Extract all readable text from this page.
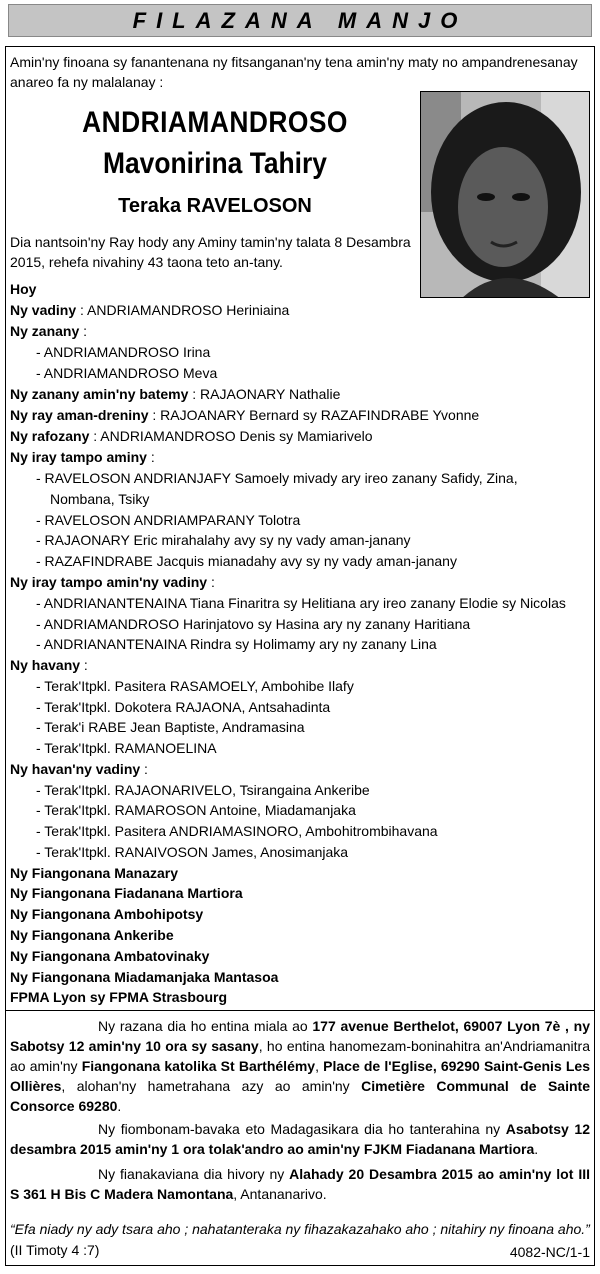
FILAZANA MANJO
Amin'ny finoana sy fanantenana ny fitsanganan'ny tena amin'ny maty no ampandrenesanay
anareo fa ny malalanay :
ANDRIAMANDROSO
Mavonirina Tahiry
Teraka RAVELOSON
Dia nantsoin'ny Ray hody any Aminy tamin'ny talata 8 Desambra
2015, rehefa nivahiny 43 taona teto an-tany.
Hoy
Ny vadiny : ANDRIAMANDROSO Heriniaina
Ny zanany :
- ANDRIAMANDROSO Irina
- ANDRIAMANDROSO Meva
Ny zanany amin'ny batemy : RAJAONARY Nathalie
Ny ray aman-dreniny : RAJOANARY Bernard sy RAZAFINDRABE Yvonne
Ny rafozany : ANDRIAMANDROSO Denis sy Mamiarivelo
Ny iray tampo aminy :
- RAVELOSON ANDRIANJAFY Samoely mivady ary ireo zanany Safidy, Zina,
Nombana, Tsiky
- RAVELOSON ANDRIAMPARANY Tolotra
- RAJAONARY Eric mirahalahy avy sy ny vady aman-janany
- RAZAFINDRABE Jacquis mianadahy avy sy ny vady aman-janany
Ny iray tampo amin'ny vadiny :
- ANDRIANANTENAINA Tiana Finaritra sy Helitiana ary ireo zanany Elodie sy Nicolas
- ANDRIAMANDROSO Harinjatovo sy Hasina ary ny zanany Haritiana
- ANDRIANANTENAINA Rindra sy Holimamy ary ny zanany Lina
Ny havany :
- Terak'Itpkl. Pasitera RASAMOELY, Ambohibe Ilafy
- Terak'Itpkl. Dokotera RAJAONA, Antsahadinta
- Terak'i RABE Jean Baptiste, Andramasina
- Terak'Itpkl. RAMANOELINA
Ny havan'ny vadiny :
- Terak'Itpkl. RAJAONARIVELO, Tsirangaina Ankeribe
- Terak'Itpkl. RAMAROSON Antoine, Miadamanjaka
- Terak'Itpkl. Pasitera ANDRIAMASINORO, Ambohitrombihavana
- Terak'Itpkl. RANAIVOSON James, Anosimanjaka
Ny Fiangonana Manazary
Ny Fiangonana Fiadanana Martiora
Ny Fiangonana Ambohipotsy
Ny Fiangonana Ankeribe
Ny Fiangonana Ambatovinaky
Ny Fiangonana Miadamanjaka Mantasoa
FPMA Lyon sy FPMA Strasbourg
Ny razana dia ho entina miala ao 177 avenue Berthelot, 69007 Lyon 7è , ny Sabotsy 12 amin'ny 10 ora sy sasany, ho entina hanomezam-boninahitra an'Andriamanitra ao amin'ny Fiangonana katolika St Barthélémy, Place de l'Eglise, 69290 Saint-Genis Les Ollières, alohan'ny hametrahana azy ao amin'ny Cimetière Communal de Sainte Consorce 69280.
Ny fiombonam-bavaka eto Madagasikara dia ho tanterahina ny Asabotsy 12 desambra 2015 amin'ny 1 ora tolak'andro ao amin'ny FJKM Fiadanana Martiora.
Ny fianakaviana dia hivory ny Alahady 20 Desambra 2015 ao amin'ny lot III S 361 H Bis C Madera Namontana, Antananarivo.
“Efa niady ny ady tsara aho ; nahatanteraka ny fihazakazahako aho ; nitahiry ny finoana aho.”
(II Timoty 4 :7)	4082-NC/1-1
